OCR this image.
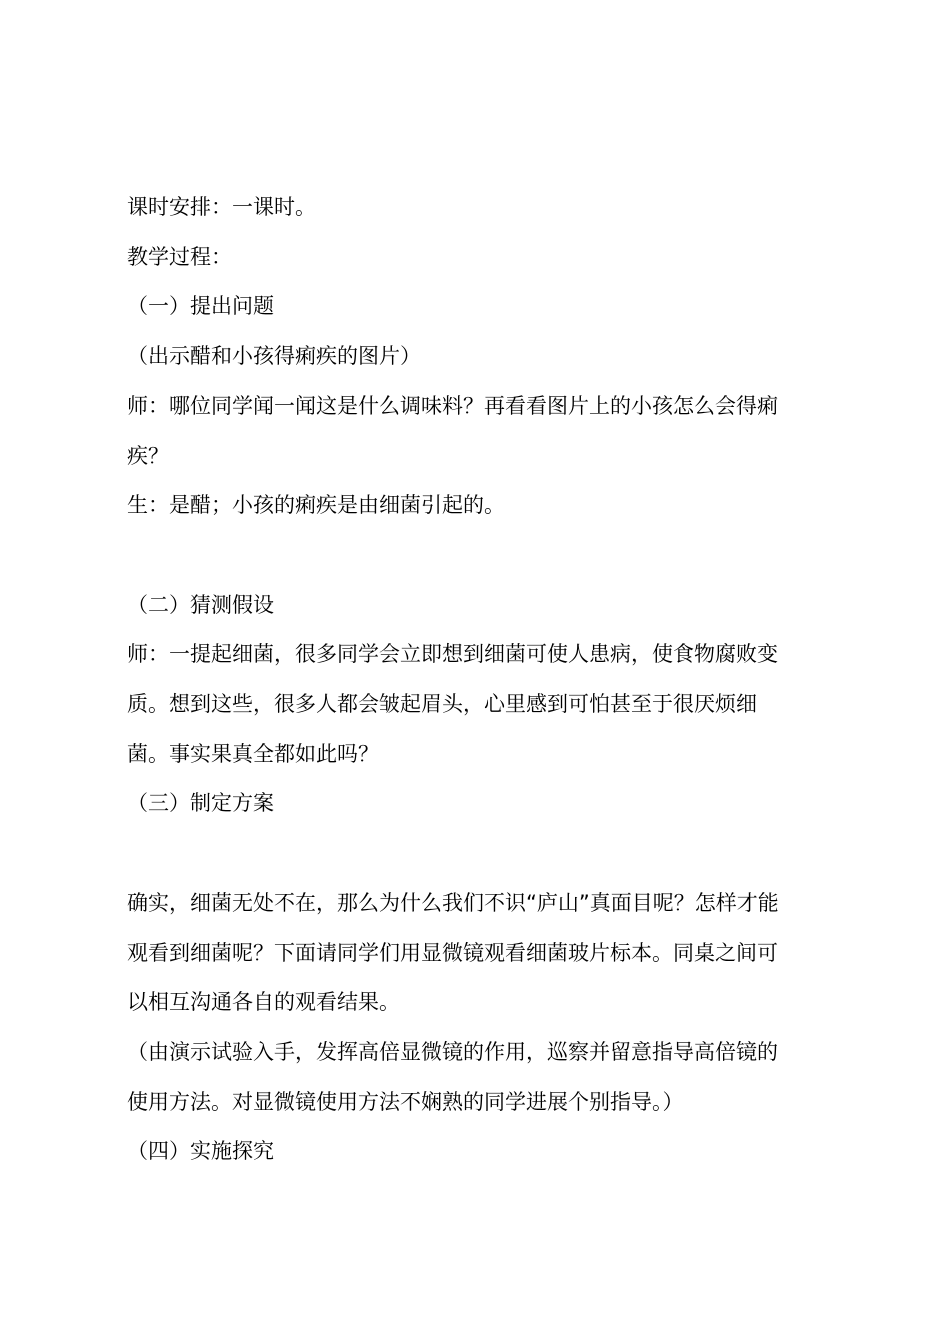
课时安排：一课时。

教学过程：

（一）提出问题

（出示醋和小孩得痢疾的图片）

师：哪位同学闻一闻这是什么调味料？再看看图片上的小孩怎么会得痢

疾？

生：是醋；小孩的痢疾是由细菌引起的。

（二）猜测假设

师：一提起细菌，很多同学会立即想到细菌可使人患病，使食物腐败变

质。想到这些，很多人都会皱起眉头，心里感到可怕甚至于很厌烦细

菌。事实果真全都如此吗？

（三）制定方案

确实，细菌无处不在，那么为什么我们不识“庐山”真面目呢？怎样才能

观看到细菌呢？下面请同学们用显微镜观看细菌玻片标本。同桌之间可

以相互沟通各自的观看结果。

（由演示试验入手，发挥高倍显微镜的作用，巡察并留意指导高倍镜的

使用方法。对显微镜使用方法不娴熟的同学进展个别指导。）

（四）实施探究
